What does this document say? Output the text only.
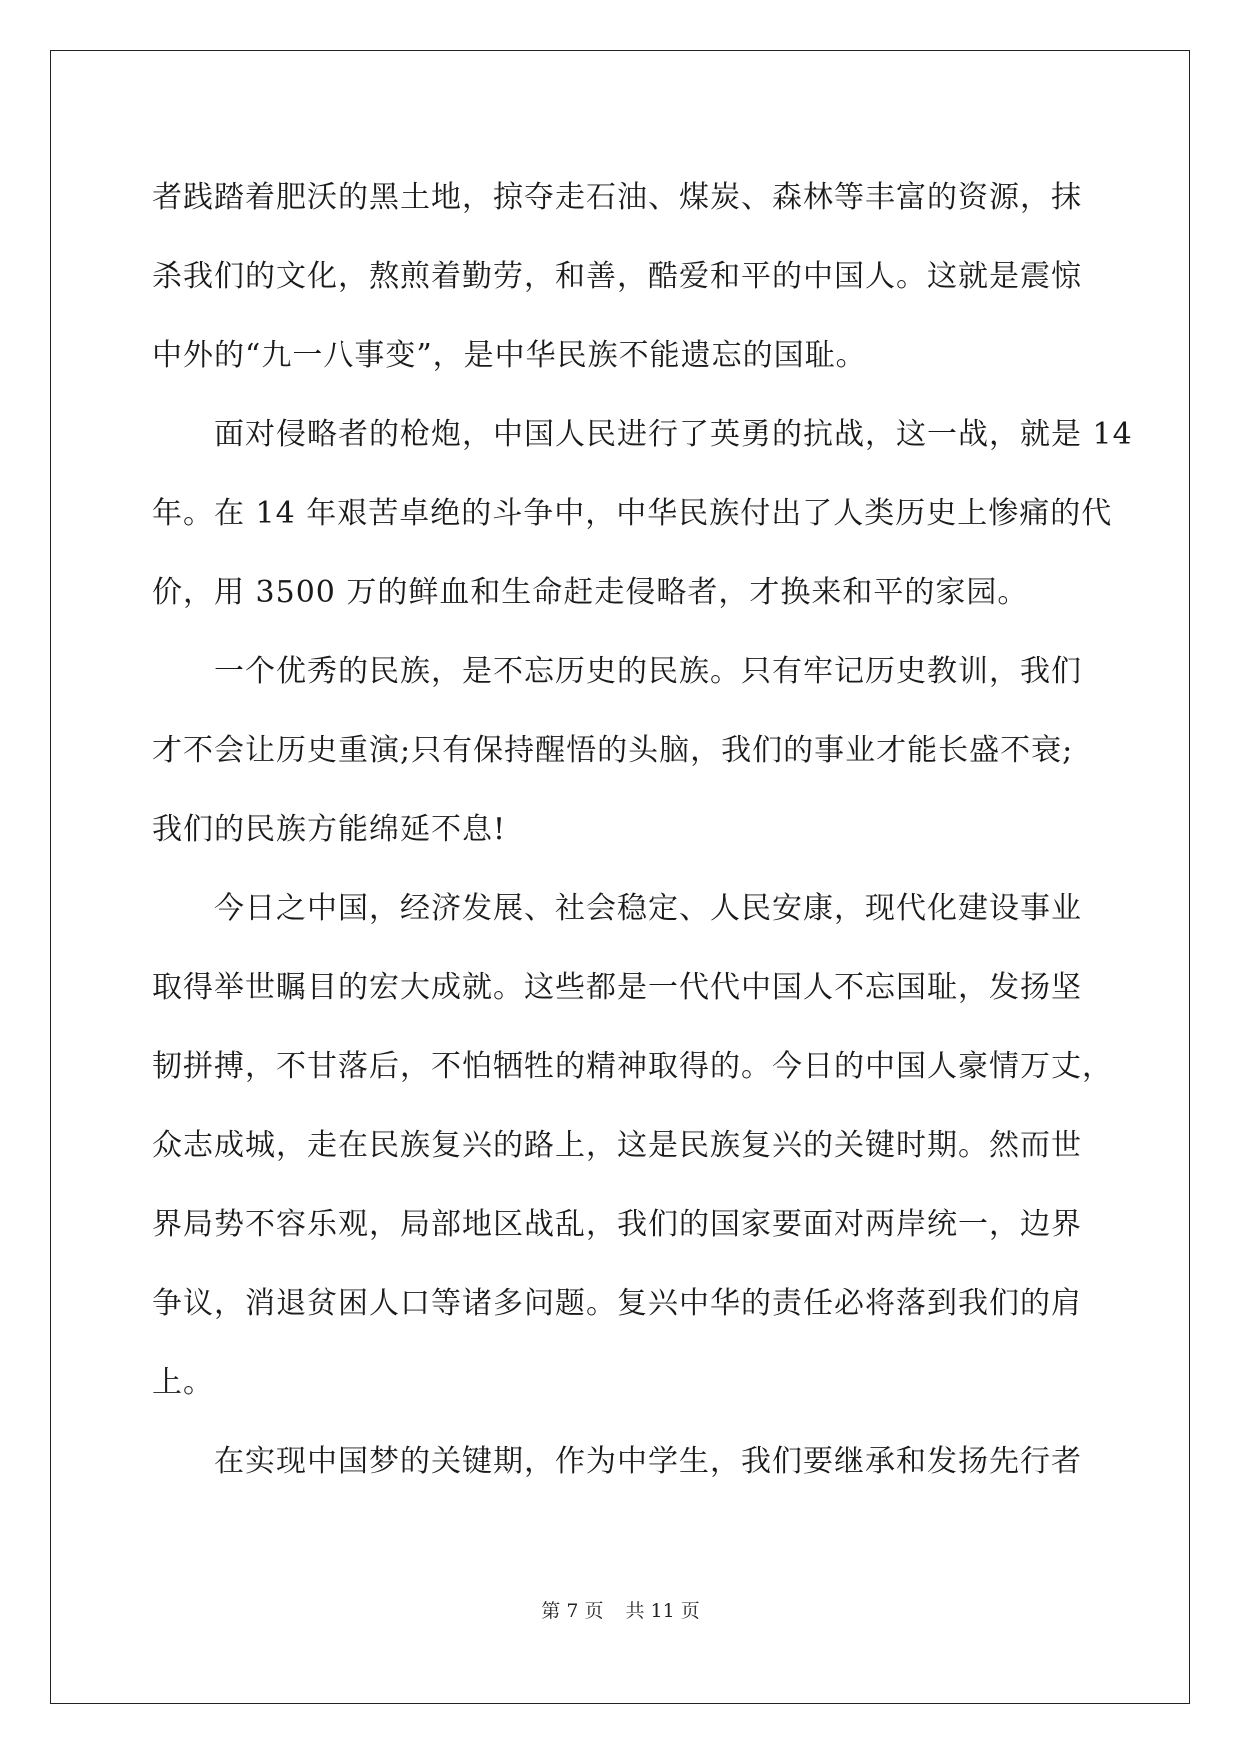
者践踏着肥沃的黑土地，掠夺走石油、煤炭、森林等丰富的资源，抹
杀我们的文化，熬煎着勤劳，和善，酷爱和平的中国人。这就是震惊
中外的“九一八事变”，是中华民族不能遗忘的国耻。
面对侵略者的枪炮，中国人民进行了英勇的抗战，这一战，就是 14
年。在 14 年艰苦卓绝的斗争中，中华民族付出了人类历史上惨痛的代
价，用 3500 万的鲜血和生命赶走侵略者，才换来和平的家园。
一个优秀的民族，是不忘历史的民族。只有牢记历史教训，我们
才不会让历史重演;只有保持醒悟的头脑，我们的事业才能长盛不衰;
我们的民族方能绵延不息!
今日之中国，经济发展、社会稳定、人民安康，现代化建设事业
取得举世瞩目的宏大成就。这些都是一代代中国人不忘国耻，发扬坚
韧拼搏，不甘落后，不怕牺牲的精神取得的。今日的中国人豪情万丈，
众志成城，走在民族复兴的路上，这是民族复兴的关键时期。然而世
界局势不容乐观，局部地区战乱，我们的国家要面对两岸统一，边界
争议，消退贫困人口等诸多问题。复兴中华的责任必将落到我们的肩
上。
在实现中国梦的关键期，作为中学生，我们要继承和发扬先行者
第 7 页 共 11 页
